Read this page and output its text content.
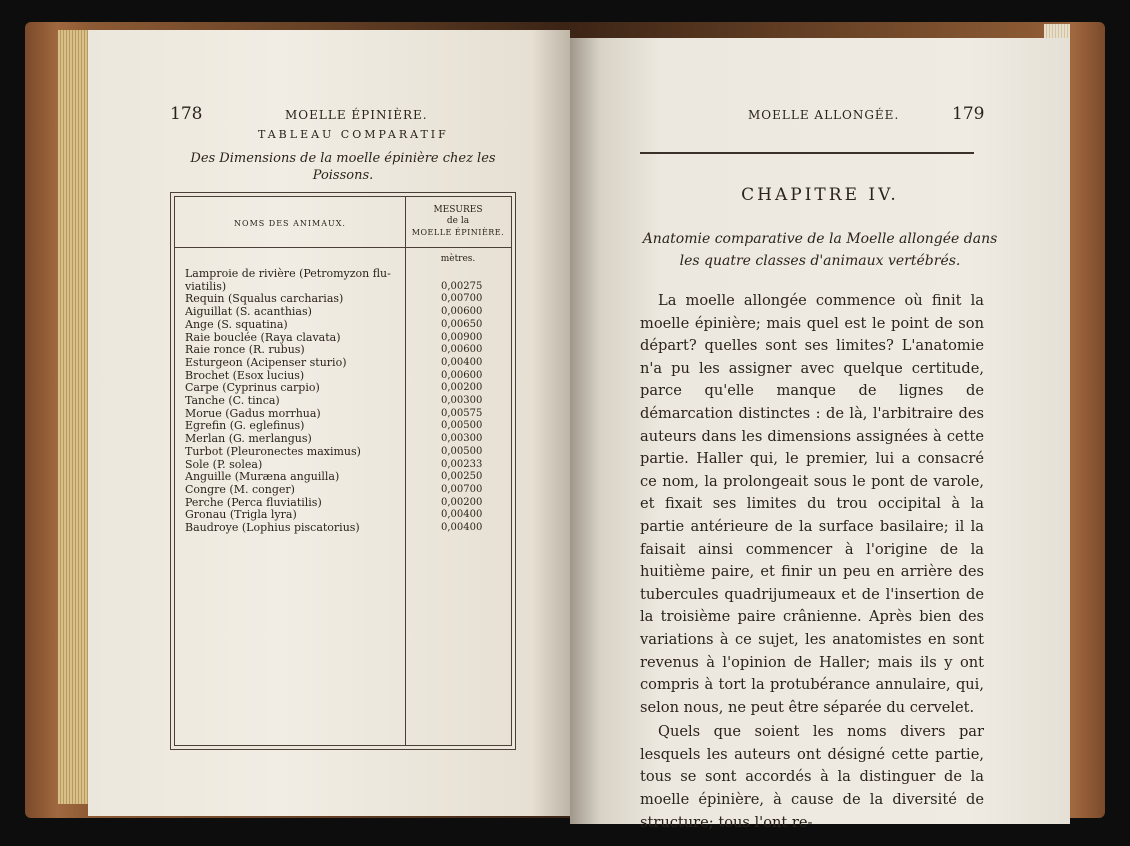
178	MOELLE ÉPINIÈRE.
TABLEAU COMPARATIF
Des Dimensions de la moelle épinière chez les Poissons.
NOMS DES ANIMAUX.
MESURES
de la
MOELLE ÉPINIÈRE.
mètres.
Lamproie de rivière (Petromyzon flu-
viatilis)	0,00275
Requin (Squalus carcharias)	0,00700
Aiguillat (S. acanthias)	0,00600
Ange (S. squatina)	0,00650
Raie bouclée (Raya clavata)	0,00900
Raie ronce (R. rubus)	0,00600
Esturgeon (Acipenser sturio)	0,00400
Brochet (Esox lucius)	0,00600
Carpe (Cyprinus carpio)	0,00200
Tanche (C. tinca)	0,00300
Morue (Gadus morrhua)	0,00575
Egrefin (G. eglefinus)	0,00500
Merlan (G. merlangus)	0,00300
Turbot (Pleuronectes maximus)	0,00500
Sole (P. solea)	0,00233
Anguille (Muræna anguilla)	0,00250
Congre (M. conger)	0,00700
Perche (Perca fluviatilis)	0,00200
Gronau (Trigla lyra)	0,00400
Baudroye (Lophius piscatorius)	0,00400
MOELLE ALLONGÉE.	179
CHAPITRE IV.
Anatomie comparative de la Moelle allongée dans les quatre classes d'animaux vertébrés.

La moelle allongée commence où finit la moelle épinière; mais quel est le point de son départ? quelles sont ses limites? L'anatomie n'a pu les assigner avec quelque certitude, parce qu'elle manque de lignes de démarcation distinctes : de là, l'arbitraire des auteurs dans les dimensions assignées à cette partie. Haller qui, le premier, lui a consacré ce nom, la prolongeait sous le pont de varole, et fixait ses limites du trou occipital à la partie antérieure de la surface basilaire; il la faisait ainsi commencer à l'origine de la huitième paire, et finir un peu en arrière des tubercules quadrijumeaux et de l'insertion de la troisième paire crânienne. Après bien des variations à ce sujet, les anatomistes en sont revenus à l'opinion de Haller; mais ils y ont compris à tort la protubérance annulaire, qui, selon nous, ne peut être séparée du cervelet.

Quels que soient les noms divers par lesquels les auteurs ont désigné cette partie, tous se sont accordés à la distinguer de la moelle épinière, à cause de la diversité de structure; tous l'ont re-
